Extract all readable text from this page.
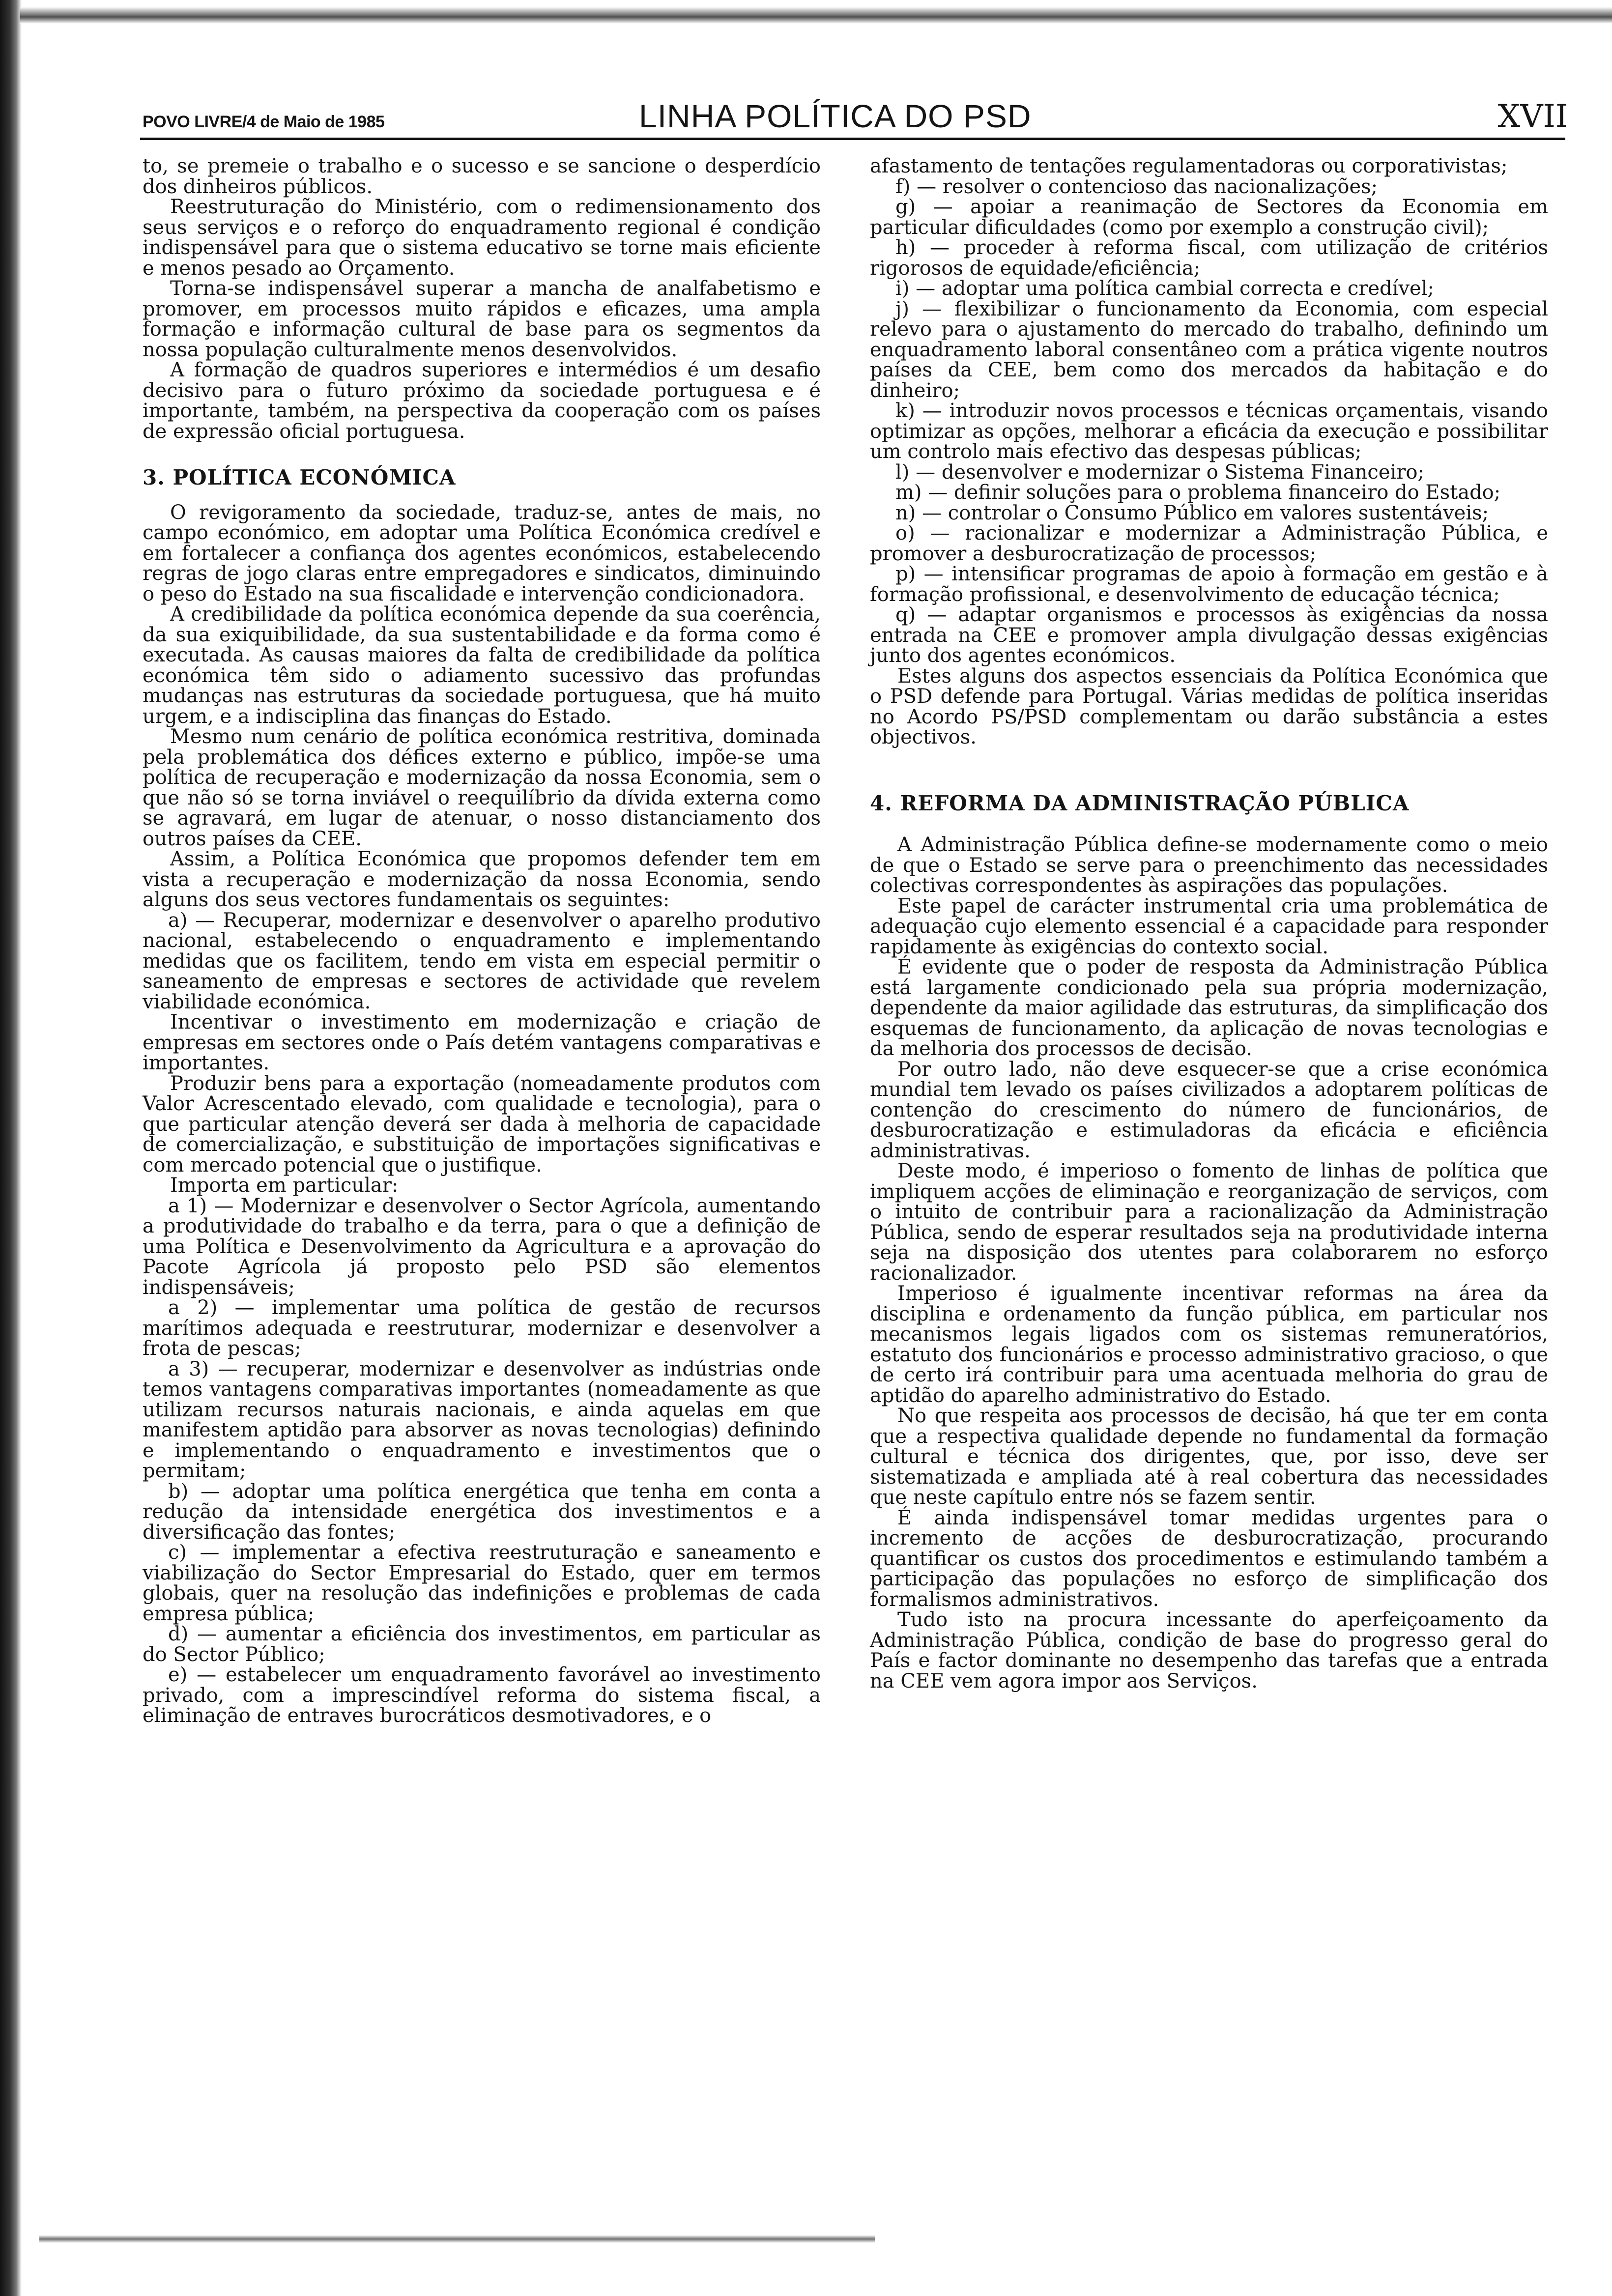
POVO LIVRE/4 de Maio de 1985	LINHA POLÍTICA DO PSD	XVII

to, se premeie o trabalho e o sucesso e se sancione o desperdício dos dinheiros públicos.

Reestruturação do Ministério, com o redimensionamento dos seus serviços e o reforço do enquadramento regional é condição indispensável para que o sistema educativo se torne mais eficiente e menos pesado ao Orçamento.

Torna-se indispensável superar a mancha de analfabetismo e promover, em processos muito rápidos e eficazes, uma ampla formação e informação cultural de base para os segmentos da nossa população culturalmente menos desenvolvidos.

A formação de quadros superiores e intermédios é um desafio decisivo para o futuro próximo da sociedade portuguesa e é importante, também, na perspectiva da cooperação com os países de expressão oficial portuguesa.

3. POLÍTICA ECONÓMICA

O revigoramento da sociedade, traduz-se, antes de mais, no campo económico, em adoptar uma Política Económica credível e em fortalecer a confiança dos agentes económicos, estabelecendo regras de jogo claras entre empregadores e sindicatos, diminuindo o peso do Estado na sua fiscalidade e intervenção condicionadora.

A credibilidade da política económica depende da sua coerência, da sua exiquibilidade, da sua sustentabilidade e da forma como é executada. As causas maiores da falta de credibilidade da política económica têm sido o adiamento sucessivo das profundas mudanças nas estruturas da sociedade portuguesa, que há muito urgem, e a indisciplina das finanças do Estado.

Mesmo num cenário de política económica restritiva, dominada pela problemática dos défices externo e público, impõe-se uma política de recuperação e modernização da nossa Economia, sem o que não só se torna inviável o reequilíbrio da dívida externa como se agravará, em lugar de atenuar, o nosso distanciamento dos outros países da CEE.

Assim, a Política Económica que propomos defender tem em vista a recuperação e modernização da nossa Economia, sendo alguns dos seus vectores fundamentais os seguintes:

a) — Recuperar, modernizar e desenvolver o aparelho produtivo nacional, estabelecendo o enquadramento e implementando medidas que os facilitem, tendo em vista em especial permitir o saneamento de empresas e sectores de actividade que revelem viabilidade económica.

Incentivar o investimento em modernização e criação de empresas em sectores onde o País detém vantagens comparativas e importantes.

Produzir bens para a exportação (nomeadamente produtos com Valor Acrescentado elevado, com qualidade e tecnologia), para o que particular atenção deverá ser dada à melhoria de capacidade de comercialização, e substituição de importações significativas e com mercado potencial que o justifique.

Importa em particular:

a 1) — Modernizar e desenvolver o Sector Agrícola, aumentando a produtividade do trabalho e da terra, para o que a definição de uma Política e Desenvolvimento da Agricultura e a aprovação do Pacote Agrícola já proposto pelo PSD são elementos indispensáveis;

a 2) — implementar uma política de gestão de recursos marítimos adequada e reestruturar, modernizar e desenvolver a frota de pescas;

a 3) — recuperar, modernizar e desenvolver as indústrias onde temos vantagens comparativas importantes (nomeadamente as que utilizam recursos naturais nacionais, e ainda aquelas em que manifestem aptidão para absorver as novas tecnologias) definindo e implementando o enquadramento e investimentos que o permitam;

b) — adoptar uma política energética que tenha em conta a redução da intensidade energética dos investimentos e a diversificação das fontes;

c) — implementar a efectiva reestruturação e saneamento e viabilização do Sector Empresarial do Estado, quer em termos globais, quer na resolução das indefinições e problemas de cada empresa pública;

d) — aumentar a eficiência dos investimentos, em particular as do Sector Público;

e) — estabelecer um enquadramento favorável ao investimento privado, com a imprescindível reforma do sistema fiscal, a eliminação de entraves burocráticos desmotivadores, e o

afastamento de tentações regulamentadoras ou corporativistas;

f) — resolver o contencioso das nacionalizações;

g) — apoiar a reanimação de Sectores da Economia em particular dificuldades (como por exemplo a construção civil);

h) — proceder à reforma fiscal, com utilização de critérios rigorosos de equidade/eficiência;

i) — adoptar uma política cambial correcta e credível;

j) — flexibilizar o funcionamento da Economia, com especial relevo para o ajustamento do mercado do trabalho, definindo um enquadramento laboral consentâneo com a prática vigente noutros países da CEE, bem como dos mercados da habitação e do dinheiro;

k) — introduzir novos processos e técnicas orçamentais, visando optimizar as opções, melhorar a eficácia da execução e possibilitar um controlo mais efectivo das despesas públicas;

l) — desenvolver e modernizar o Sistema Financeiro;

m) — definir soluções para o problema financeiro do Estado;

n) — controlar o Consumo Público em valores sustentáveis;

o) — racionalizar e modernizar a Administração Pública, e promover a desburocratização de processos;

p) — intensificar programas de apoio à formação em gestão e à formação profissional, e desenvolvimento de educação técnica;

q) — adaptar organismos e processos às exigências da nossa entrada na CEE e promover ampla divulgação dessas exigências junto dos agentes económicos.

Estes alguns dos aspectos essenciais da Política Económica que o PSD defende para Portugal. Várias medidas de política inseridas no Acordo PS/PSD complementam ou darão substância a estes objectivos.

4. REFORMA DA ADMINISTRAÇÃO PÚBLICA

A Administração Pública define-se modernamente como o meio de que o Estado se serve para o preenchimento das necessidades colectivas correspondentes às aspirações das populações.

Este papel de carácter instrumental cria uma problemática de adequação cujo elemento essencial é a capacidade para responder rapidamente às exigências do contexto social.

É evidente que o poder de resposta da Administração Pública está largamente condicionado pela sua própria modernização, dependente da maior agilidade das estruturas, da simplificação dos esquemas de funcionamento, da aplicação de novas tecnologias e da melhoria dos processos de decisão.

Por outro lado, não deve esquecer-se que a crise económica mundial tem levado os países civilizados a adoptarem políticas de contenção do crescimento do número de funcionários, de desburocratização e estimuladoras da eficácia e eficiência administrativas.

Deste modo, é imperioso o fomento de linhas de política que impliquem acções de eliminação e reorganização de serviços, com o intuito de contribuir para a racionalização da Administração Pública, sendo de esperar resultados seja na produtividade interna seja na disposição dos utentes para colaborarem no esforço racionalizador.

Imperioso é igualmente incentivar reformas na área da disciplina e ordenamento da função pública, em particular nos mecanismos legais ligados com os sistemas remuneratórios, estatuto dos funcionários e processo administrativo gracioso, o que de certo irá contribuir para uma acentuada melhoria do grau de aptidão do aparelho administrativo do Estado.

No que respeita aos processos de decisão, há que ter em conta que a respectiva qualidade depende no fundamental da formação cultural e técnica dos dirigentes, que, por isso, deve ser sistematizada e ampliada até à real cobertura das necessidades que neste capítulo entre nós se fazem sentir.

É ainda indispensável tomar medidas urgentes para o incremento de acções de desburocratização, procurando quantificar os custos dos procedimentos e estimulando também a participação das populações no esforço de simplificação dos formalismos administrativos.

Tudo isto na procura incessante do aperfeiçoamento da Administração Pública, condição de base do progresso geral do País e factor dominante no desempenho das tarefas que a entrada na CEE vem agora impor aos Serviços.
